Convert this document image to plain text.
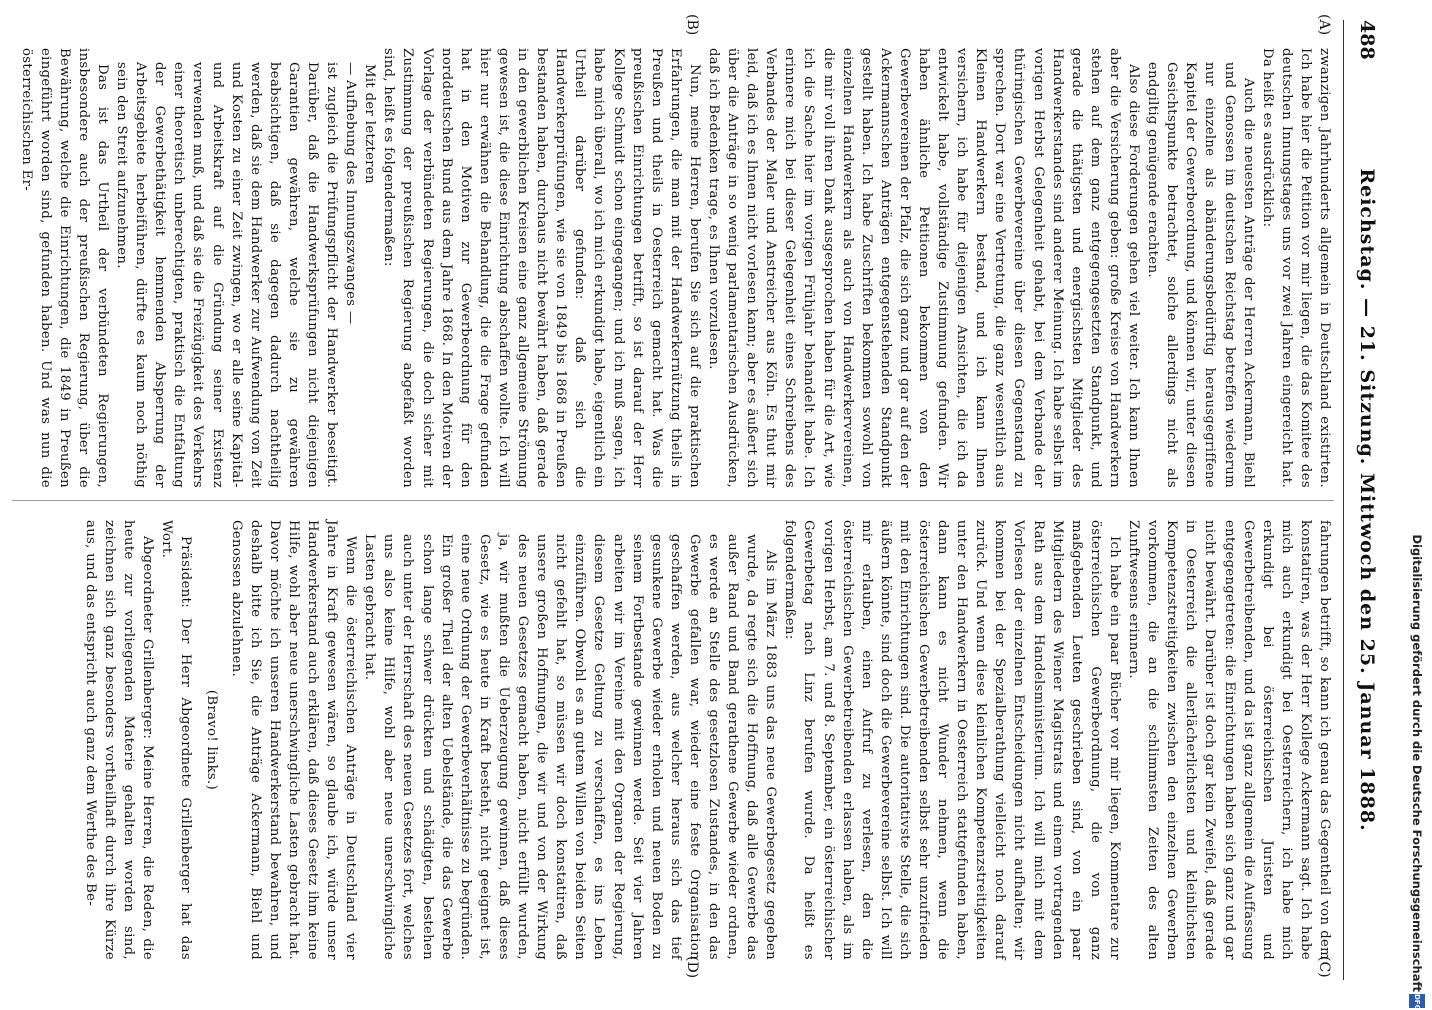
488
Reichstag. — 21. Sitzung. Mittwoch den 25. Januar 1888.
(A)
(B)
(C)
(D)

zwanzigen Jahrhunderts allgemein in Deutschland existirten. Ich habe hier die Petition vor mir liegen, die das Komitee des deutschen Innungstages uns vor zwei Jahren eingereicht hat. Da heißt es ausdrücklich:

Auch die neuesten Anträge der Herren Ackermann, Biehl und Genossen im deutschen Reichstag betreffen wiederum nur einzelne als abänderungsbedürftig herausgegriffene Kapitel der Gewerbeordnung, und können wir, unter diesen Gesichtspunkte betrachtet, solche allerdings nicht als endgiltig genügende erachten.

Also diese Forderungen gehen viel weiter. Ich kann Ihnen aber die Versicherung geben: große Kreise von Handwerkern stehen auf dem ganz entgegengesetzten Standpunkt, und gerade die thätigsten und energischsten Mitglieder des Handwerkerstandes sind anderer Meinung. Ich habe selbst im vorigen Herbst Gelegenheit gehabt, bei dem Verbande der thüringischen Gewerbevereine über diesen Gegenstand zu sprechen. Dort war eine Vertretung, die ganz wesentlich aus Kleinen Handwerkern bestand, und ich kann Ihnen versichern, ich habe für diejenigen Ansichten, die ich da entwickelt habe, vollständige Zustimmung gefunden. Wir haben ähnliche Petitionen bekommen von den Gewerbevereinen der Pfalz, die sich ganz und gar auf den der Ackermannschen Anträgen entgegenstehenden Standpunkt gestellt haben. Ich habe Zuschriften bekommen sowohl von einzelnen Handwerkern als auch von Handwerkervereinen, die mir voll ihren Dank ausgesprochen haben für die Art, wie ich die Sache hier im vorigen Frühjahr behandelt habe. Ich erinnere mich bei dieser Gelegenheit eines Schreibens des Verbandes der Maler und Anstreicher aus Köln. Es thut mir leid, daß ich es Ihnen nicht vorlesen kann; aber es äußert sich über die Anträge in so wenig parlamentarischen Ausdrücken, daß ich Bedenken trage, es Ihnen vorzulesen.

Nun, meine Herren, berufen Sie sich auf die praktischen Erfahrungen, die man mit der Handwerkernützung theils in Preußen und theils in Oesterreich gemacht hat. Was die preußischen Einrichtungen betrifft, so ist darauf der Herr Kollege Schmidt schon eingegangen; und ich muß sagen, ich habe mich überall, wo ich mich erkundigt habe, eigentlich ein Urtheil darüber gefunden: daß sich die Handwerkerprüfungen, wie sie von 1849 bis 1868 in Preußen bestanden haben, durchaus nicht bewährt haben, daß gerade in den gewerblichen Kreisen eine ganz allgemeine Strömung gewesen ist, die diese Einrichtung abschaffen wollte. Ich will hier nur erwähnen die Behandlung, die die Frage gefunden hat in den Motiven zur Gewerbeordnung für den norddeutschen Bund aus dem Jahre 1868. In den Motiven der Vorlage der verbündeten Regierungen, die doch sicher mit Zustimmung der preußischen Regierung abgefaßt worden sind, heißt es folgendermaßen:

Mit der letzteren

— Aufhebung des Innungszwanges —

ist zugleich die Prüfungspflicht der Handwerker beseitigt. Darüber, daß die Handwerksprüfungen nicht diejenigen Garantien gewähren, welche sie zu gewähren beabsichtigen, daß sie dagegen dadurch nachtheilig werden, daß sie dem Handwerker zur Aufwendung von Zeit und Kosten zu einer Zeit zwingen, wo er alle seine Kapital- und Arbeitskraft auf die Gründung seiner Existenz verwenden muß, und daß sie die Freizügigkeit des Verkehrs einer theoretisch unberechtigten, praktisch die Entfaltung der Gewerbethätigkeit hemmenden Absperrung der Arbeitsgebiete herbeiführen, dürfte es kaum noch nöthig sein den Streit aufzunehmen.

Das ist das Urtheil der verbündeten Regierungen, insbesondere auch der preußischen Regierung, über die Bewährung, welche die Einrichtungen, die 1849 in Preußen eingeführt worden sind, gefunden haben. Und was nun die österreichischen Er-

fahrungen betrifft, so kann ich genau das Gegentheil von dem konstatiren, was der Herr Kollege Ackermann sagt. Ich habe mich auch erkundigt bei Oesterreichern, ich habe mich erkundigt bei österreichischen Juristen und Gewerbetreibenden, und da ist ganz allgemein die Auffassung entgegengetreten: die Einrichtungen haben sich ganz und gar nicht bewährt. Darüber ist doch gar kein Zweifel, daß gerade in Oesterreich die allerlächerlichsten und kleinlichsten Kompetenzstreitigkeiten zwischen den einzelnen Gewerben vorkommen, die an die schlimmsten Zeiten des alten Zunftwesens erinnern.

Ich habe ein paar Bücher vor mir liegen, Kommentare zur österreichischen Gewerbeordnung, die von ganz maßgebenden Leuten geschrieben sind, von ein paar Mitgliedern des Wiener Magistrats und einem vortragenden Rath aus dem Handelsministerium. Ich will mich mit dem Vorlesen der einzelnen Entscheidungen nicht aufhalten; wir kommen bei der Spezialberathung vielleicht noch darauf zurück. Und wenn diese kleinlichen Kompetenzstreitigkeiten unter den Handwerkern in Oesterreich stattgefunden haben, dann kann es nicht Wunder nehmen, wenn die österreichischen Gewerbetreibenden selbst sehr unzufrieden mit den Einrichtungen sind. Die autoritativste Stelle, die sich äußern könnte, sind doch die Gewerbevereine selbst. Ich will mir erlauben, einen Aufruf zu verlesen, den die österreichischen Gewerbetreibenden erlassen haben, als im vorigen Herbst, am 7. und 8. September, ein österreichischer Gewerbetag nach Linz berufen wurde. Da heißt es folgendermaßen:

Als im März 1883 uns das neue Gewerbegesetz gegeben wurde, da regte sich die Hoffnung, daß alle Gewerbe das außer Rand und Band gerathene Gewerbe wieder ordnen, es werde an Stelle des gesetzlosen Zustandes, in den das Gewerbe gefallen war, wieder eine feste Organisation geschaffen werden, aus welcher heraus sich das tief gesunkene Gewerbe wieder erholen und neuen Boden zu seinem Fortbestande gewinnen werde. Seit vier Jahren arbeiten wir im Vereine mit den Organen der Regierung, diesem Gesetze Geltung zu verschaffen, es ins Leben einzuführen. Obwohl es an gutem Willen von beiden Seiten nicht gefehlt hat, so müssen wir doch konstatiren, daß unsere großen Hoffnungen, die wir und von der Wirkung des neuen Gesetzes gemacht haben, nicht erfüllt wurden, ja, wir mußten die Ueberzeugung gewinnen, daß dieses Gesetz, wie es heute in Kraft besteht, nicht geeignet ist, eine neue Ordnung der Gewerbeverhältnisse zu begründen. Ein großer Theil der alten Uebelstände, die das Gewerbe schon lange schwer drückten und schädigten, bestehen auch unter der Herrschaft des neuen Gesetzes fort, welches uns also keine Hilfe, wohl aber neue unerschwingliche Lasten gebracht hat.

Wenn die österreichischen Anträge in Deutschland vier Jahre in Kraft gewesen wären, so glaube ich, würde unser Handwerkerstand auch erklären, daß dieses Gesetz ihm keine Hilfe, wohl aber neue unerschwingliche Lasten gebracht hat. Davor möchte ich unseren Handwerkerstand bewahren, und deshalb bitte ich Sie, die Anträge Ackermann, Biehl und Genossen abzulehnen.

(Bravo! links.)

Präsident: Der Herr Abgeordnete Grillenberger hat das Wort.

Abgeordneter Grillenberger: Meine Herren, die Reden, die heute zur vorliegenden Materie gehalten worden sind, zeichnen sich ganz besonders vortheilhaft durch ihre Kürze aus, und das entspricht auch ganz dem Werthe des Be-	Digitalisierung gefördert durch die Deutsche Forschungsgemeinschaft
DFG
